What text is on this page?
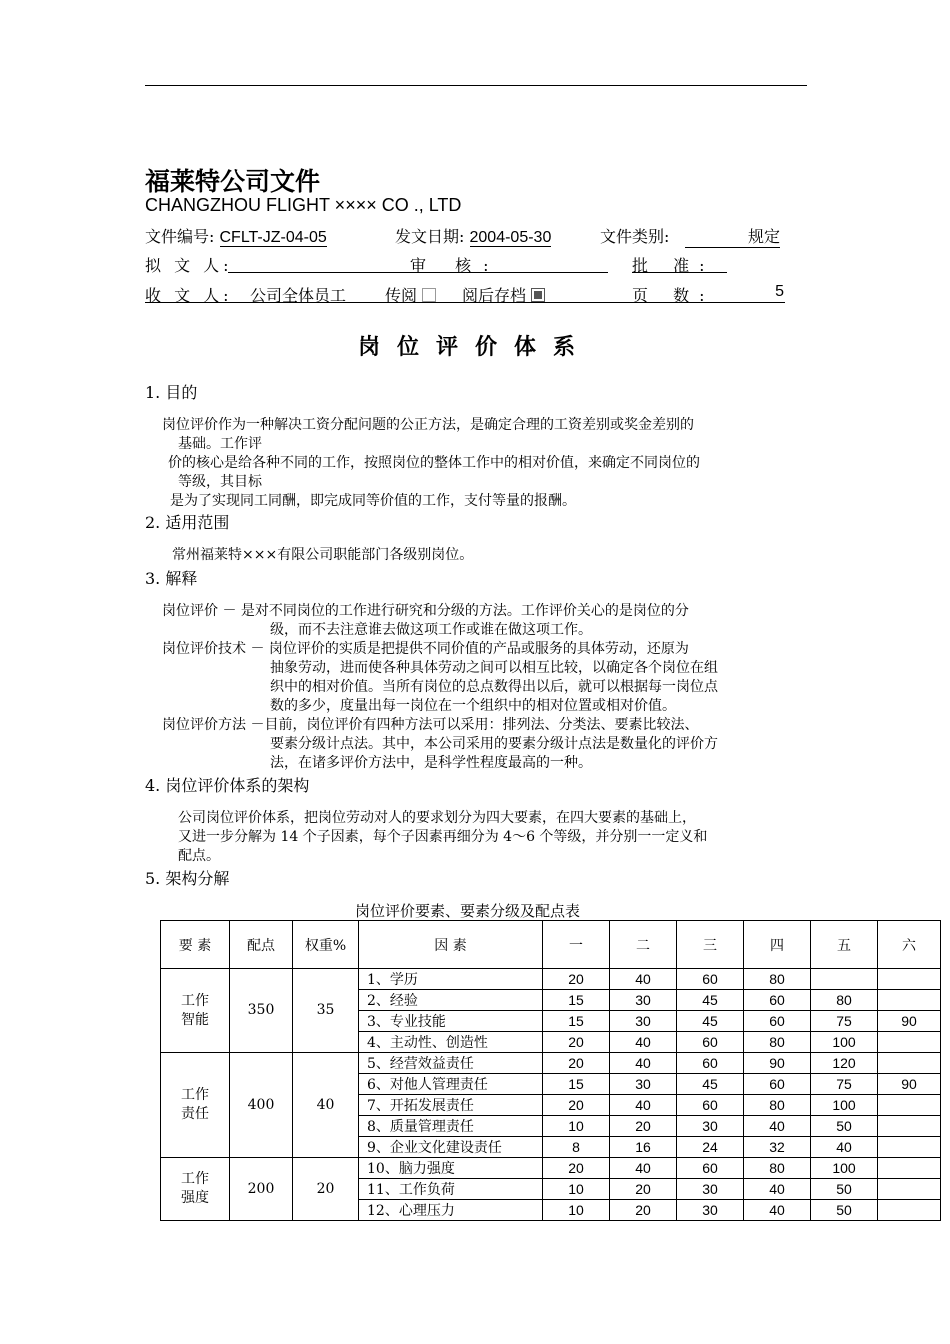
福莱特公司文件
CHANGZHOU FLIGHT ×××× CO ., LTD
文件编号: CFLT-JZ-04-05	发文日期: 2004-05-30	文件类别:	规定
拟 文 人:	审 核:	批 准:
收 文 人: 公司全体员工 传阅	阅后存档	页 数:	5
岗位评价体系
1. 目的
岗位评价作为一种解决工资分配问题的公正方法，是确定合理的工资差别或奖金差别的
基础。工作评
价的核心是给各种不同的工作，按照岗位的整体工作中的相对价值，来确定不同岗位的
等级，其目标
是为了实现同工同酬，即完成同等价值的工作，支付等量的报酬。
2. 适用范围
常州福莱特×××有限公司职能部门各级别岗位。
3. 解释
岗位评价 － 是对不同岗位的工作进行研究和分级的方法。工作评价关心的是岗位的分
级，而不去注意谁去做这项工作或谁在做这项工作。
岗位评价技术 － 岗位评价的实质是把提供不同价值的产品或服务的具体劳动，还原为
抽象劳动，进而使各种具体劳动之间可以相互比较，以确定各个岗位在组
织中的相对价值。当所有岗位的总点数得出以后，就可以根据每一岗位点
数的多少，度量出每一岗位在一个组织中的相对位置或相对价值。
岗位评价方法 －目前，岗位评价有四种方法可以采用：排列法、分类法、要素比较法、
要素分级计点法。其中，本公司采用的要素分级计点法是数量化的评价方
法，在诸多评价方法中，是科学性程度最高的一种。
4. 岗位评价体系的架构
公司岗位评价体系，把岗位劳动对人的要求划分为四大要素，在四大要素的基础上，
又进一步分解为 14 个子因素，每个子因素再细分为 4～6 个等级，并分别一一定义和
配点。
5. 架构分解
岗位评价要素、要素分级及配点表
要 素	配点	权重%	因 素	一	二	三	四	五	六
工作
智能	350	35	1、学历	20	40	60	80		
			2、经验	15	30	45	60	80	
			3、专业技能	15	30	45	60	75	90
			4、主动性、创造性	20	40	60	80	100	
工作
责任	400	40	5、经营效益责任	20	40	60	90	120	
			6、对他人管理责任	15	30	45	60	75	90
			7、开拓发展责任	20	40	60	80	100	
			8、质量管理责任	10	20	30	40	50	
			9、企业文化建设责任	8	16	24	32	40	
工作
强度	200	20	10、脑力强度	20	40	60	80	100	
			11、工作负荷	10	20	30	40	50	
			12、心理压力	10	20	30	40	50	
